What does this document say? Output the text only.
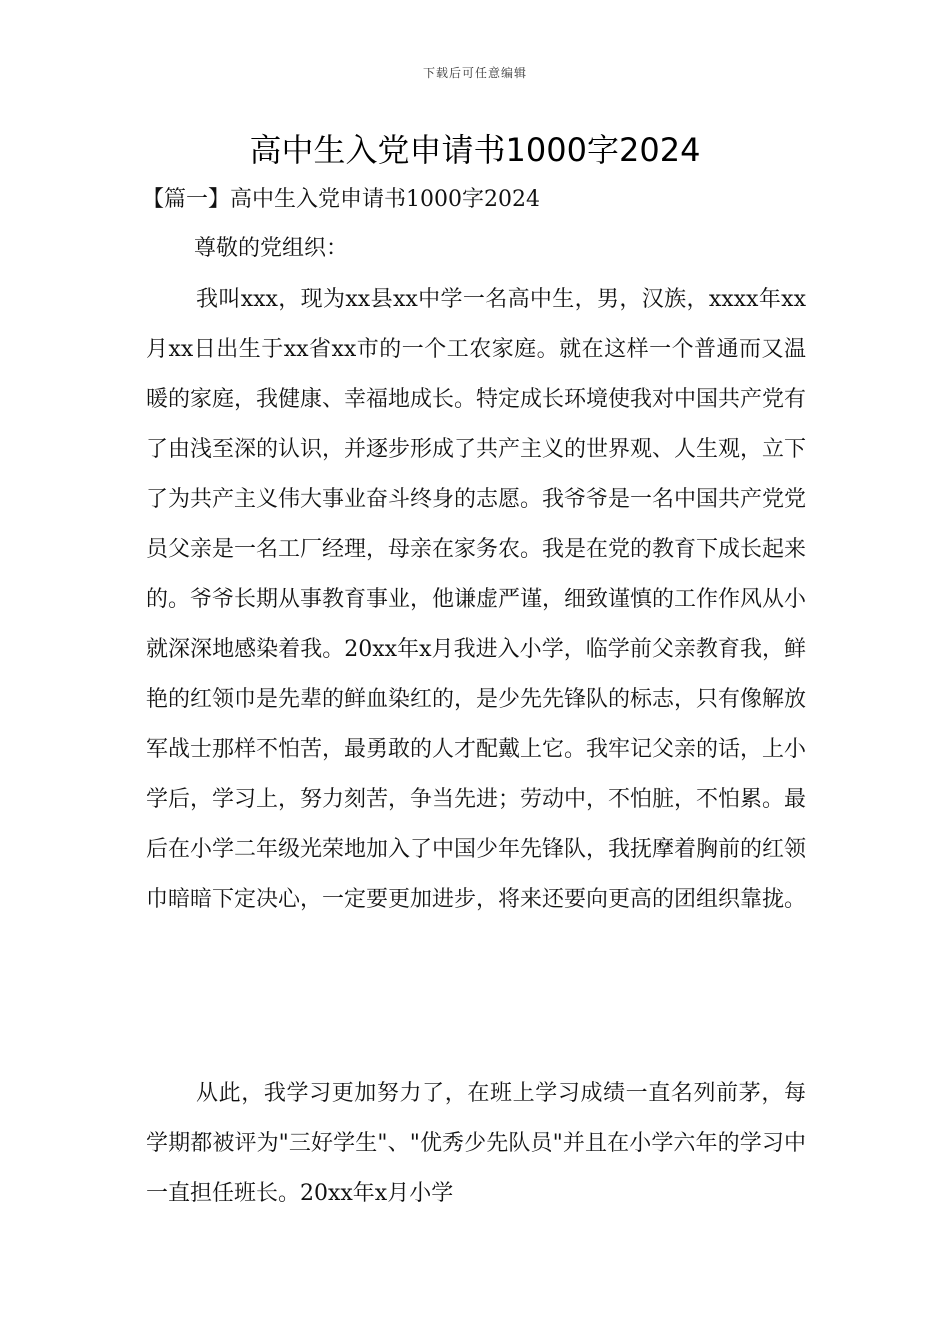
下载后可任意编辑
高中生入党申请书1000字2024
【篇一】高中生入党申请书1000字2024
尊敬的党组织：

我叫xxx，现为xx县xx中学一名高中生，男，汉族，xxxx年xx月xx日出生于xx省xx市的一个工农家庭。就在这样一个普通而又温暖的家庭，我健康、幸福地成长。特定成长环境使我对中国共产党有了由浅至深的认识，并逐步形成了共产主义的世界观、人生观，立下了为共产主义伟大事业奋斗终身的志愿。我爷爷是一名中国共产党党员父亲是一名工厂经理，母亲在家务农。我是在党的教育下成长起来的。爷爷长期从事教育事业，他谦虚严谨，细致谨慎的工作作风从小就深深地感染着我。20xx年x月我进入小学，临学前父亲教育我，鲜艳的红领巾是先辈的鲜血染红的，是少先先锋队的标志，只有像解放军战士那样不怕苦，最勇敢的人才配戴上它。我牢记父亲的话，上小学后，学习上，努力刻苦，争当先进；劳动中，不怕脏，不怕累。最后在小学二年级光荣地加入了中国少年先锋队，我抚摩着胸前的红领巾暗暗下定决心，一定要更加进步，将来还要向更高的团组织靠拢。

从此，我学习更加努力了，在班上学习成绩一直名列前茅，每学期都被评为"三好学生"、"优秀少先队员"并且在小学六年的学习中一直担任班长。20xx年x月小学
